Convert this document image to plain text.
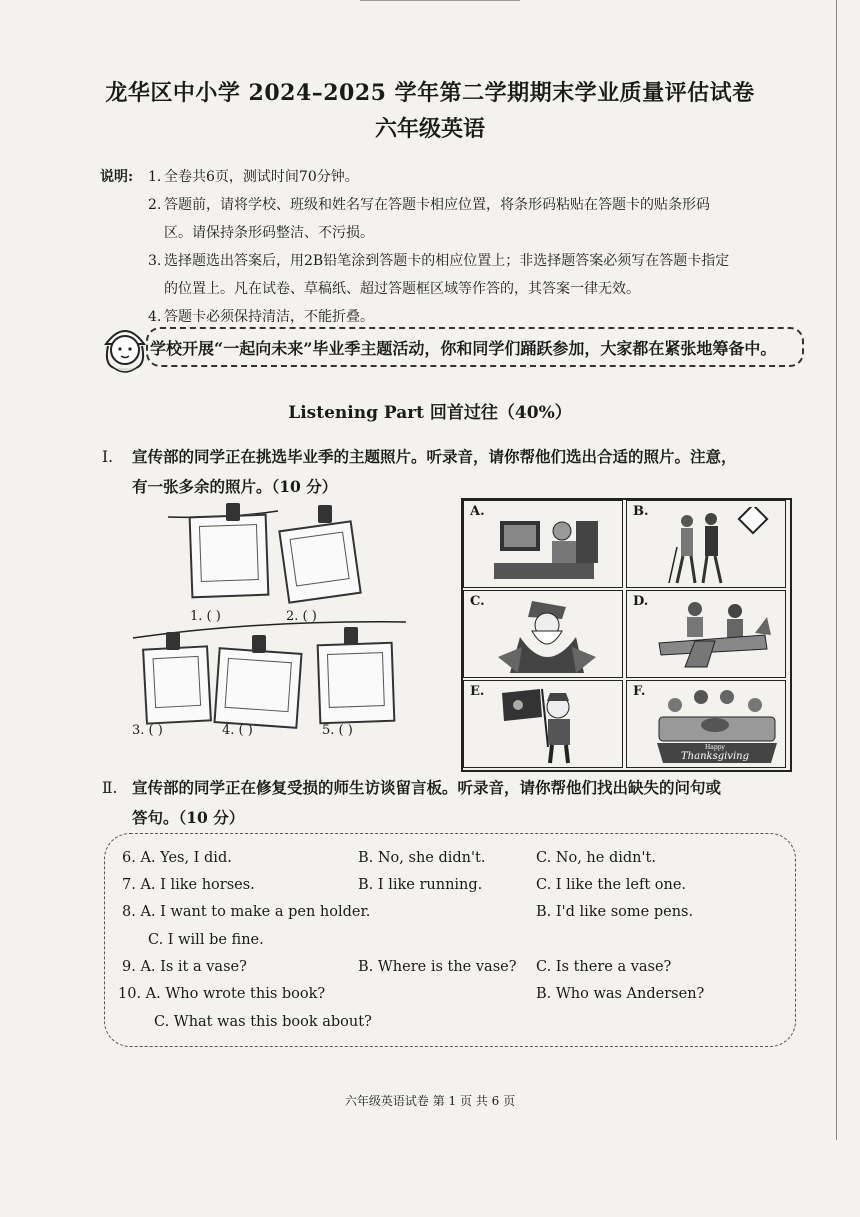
龙华区中小学 2024–2025 学年第二学期期末学业质量评估试卷
六年级英语
说明: 1. 全卷共6页，测试时间70分钟。
2. 答题前，请将学校、班级和姓名写在答题卡相应位置，将条形码粘贴在答题卡的贴条形码
区。请保持条形码整洁、不污损。
3. 选择题选出答案后，用2B铅笔涂到答题卡的相应位置上；非选择题答案必须写在答题卡指定
的位置上。凡在试卷、草稿纸、超过答题框区域等作答的，其答案一律无效。
4. 答题卡必须保持清洁，不能折叠。
学校开展“一起向未来”毕业季主题活动，你和同学们踊跃参加，大家都在紧张地筹备中。
Listening Part 回首过往（40%）
Ⅰ.	宣传部的同学正在挑选毕业季的主题照片。听录音，请你帮他们选出合适的照片。注意，
有一张多余的照片。（10 分）
1. ( )	2. ( )
3. ( )	4. ( )	5. ( )
A.	B.
C.	D.
E.	F.
Happy
Thanksgiving
Ⅱ. 宣传部的同学正在修复受损的师生访谈留言板。听录音，请你帮他们找出缺失的问句或
答句。（10 分）
6. A. Yes, I did.	B. No, she didn't.	C. No, he didn't.
7. A. I like horses.	B. I like running.	C. I like the left one.
8. A. I want to make a pen holder.	B. I'd like some pens.
C. I will be fine.
9. A. Is it a vase?	B. Where is the vase? C. Is there a vase?
10. A. Who wrote this book?	B. Who was Andersen?
C. What was this book about?
六年级英语试卷 第 1 页 共 6 页
